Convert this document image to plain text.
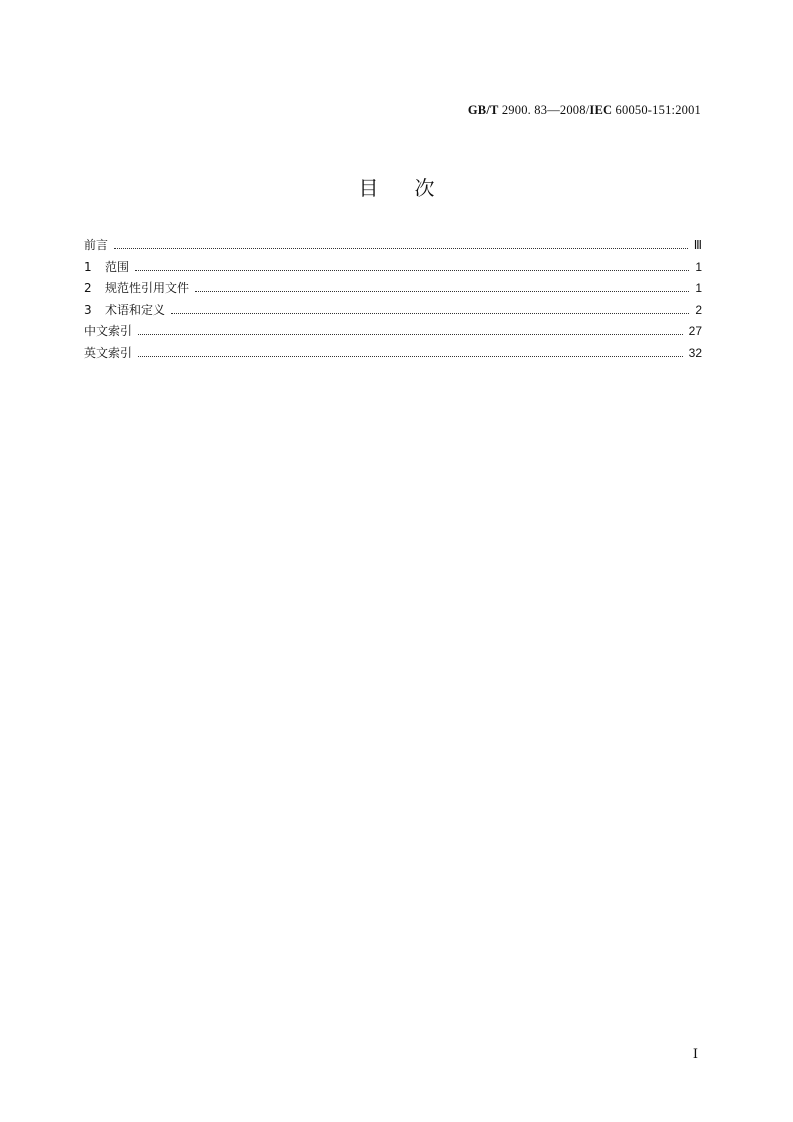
GB/T 2900. 83—2008/IEC 60050-151:2001
目 次
前言	Ⅲ
1	范围	1
2	规范性引用文件	1
3	术语和定义	2
中文索引	27
英文索引	32
Ⅰ
